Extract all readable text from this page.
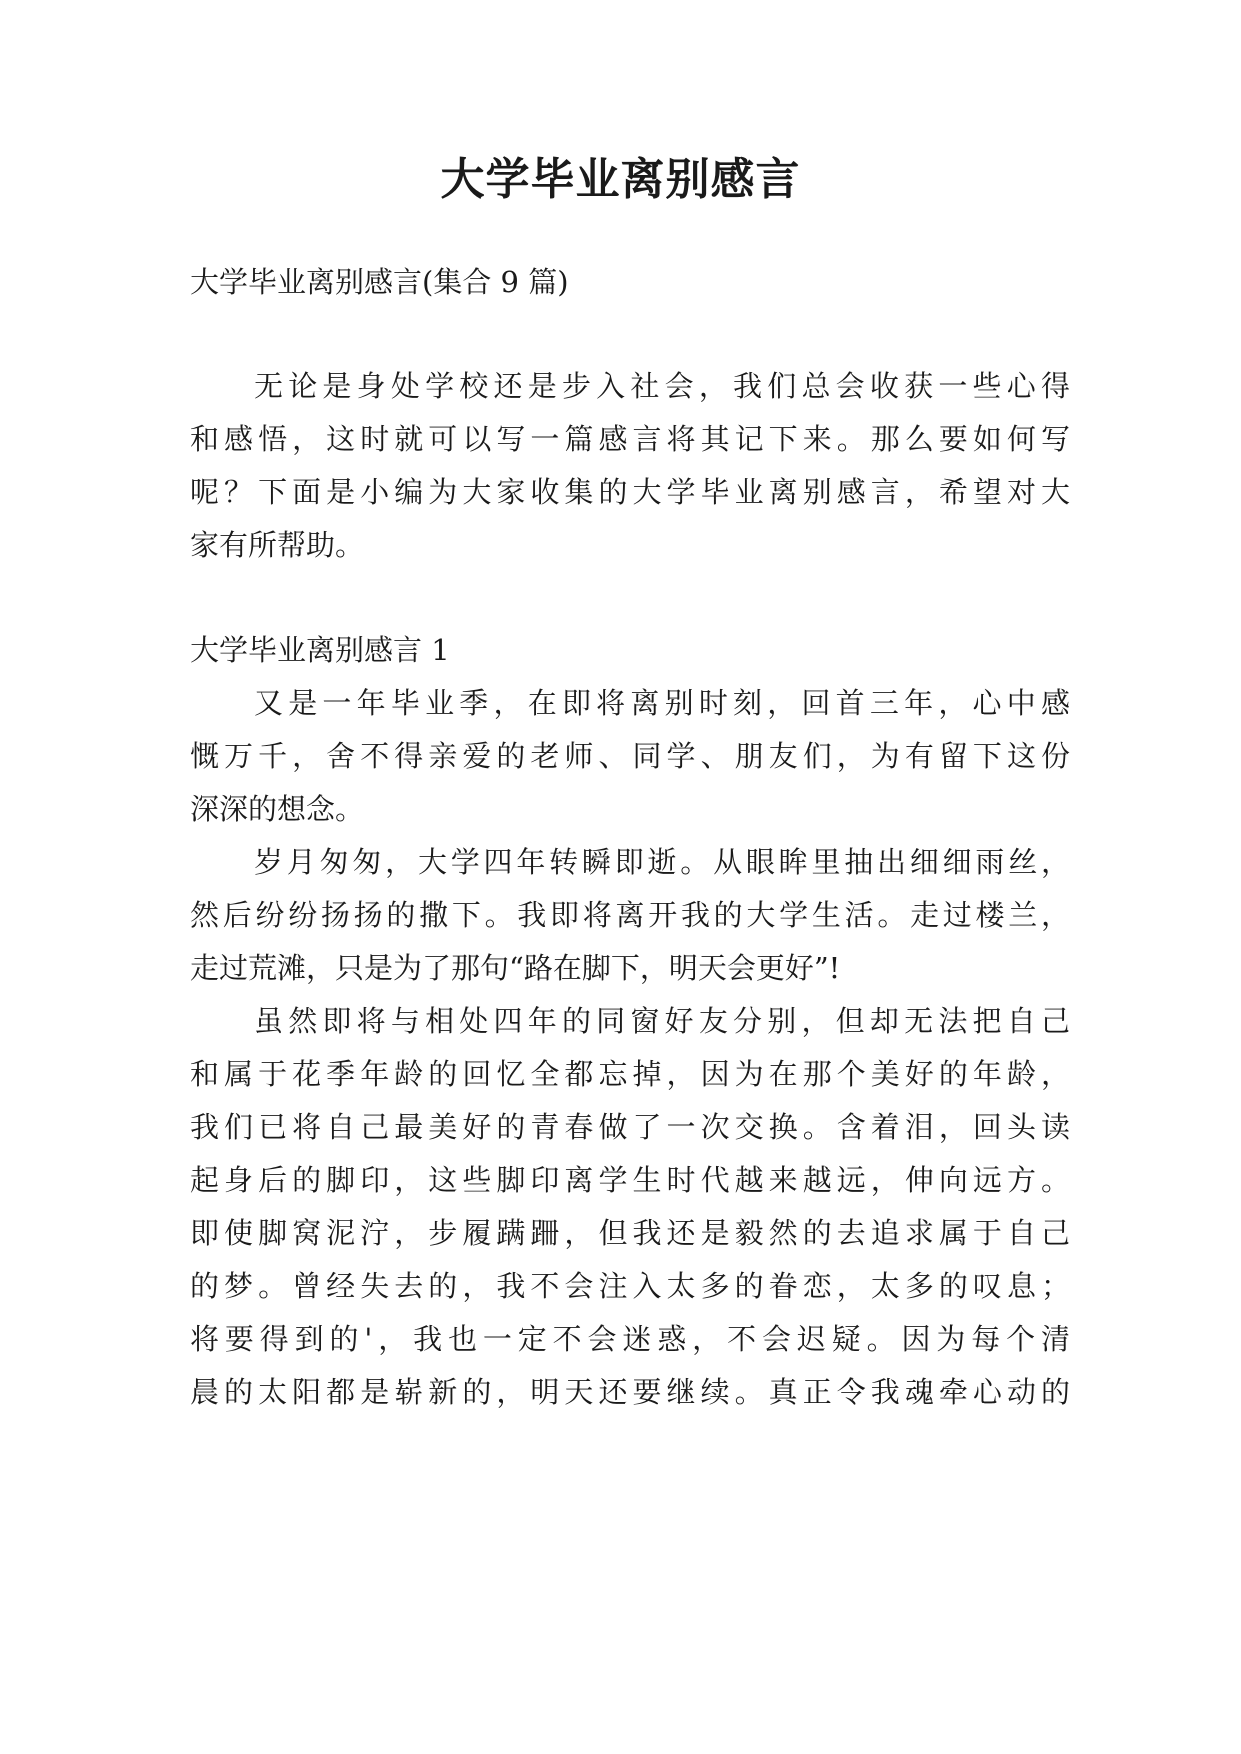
大学毕业离别感言
大学毕业离别感言(集合 9 篇)
无论是身处学校还是步入社会，我们总会收获一些心得
和感悟，这时就可以写一篇感言将其记下来。那么要如何写
呢？下面是小编为大家收集的大学毕业离别感言，希望对大
家有所帮助。
大学毕业离别感言 1
又是一年毕业季，在即将离别时刻，回首三年，心中感
慨万千，舍不得亲爱的老师、同学、朋友们，为有留下这份
深深的想念。
岁月匆匆，大学四年转瞬即逝。从眼眸里抽出细细雨丝，
然后纷纷扬扬的撒下。我即将离开我的大学生活。走过楼兰，
走过荒滩，只是为了那句“路在脚下，明天会更好”!
虽然即将与相处四年的同窗好友分别，但却无法把自己
和属于花季年龄的回忆全都忘掉，因为在那个美好的年龄，
我们已将自己最美好的青春做了一次交换。含着泪，回头读
起身后的脚印，这些脚印离学生时代越来越远，伸向远方。
即使脚窝泥泞，步履蹒跚，但我还是毅然的去追求属于自己
的梦。曾经失去的，我不会注入太多的眷恋，太多的叹息；
将要得到的'，我也一定不会迷惑，不会迟疑。因为每个清
晨的太阳都是崭新的，明天还要继续。真正令我魂牵心动的
